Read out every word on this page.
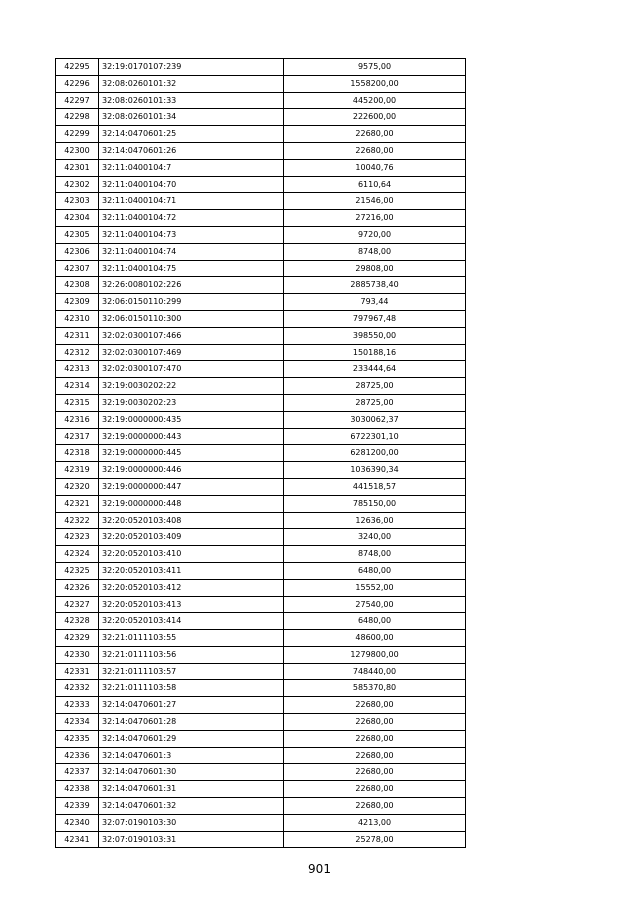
42295	32:19:0170107:239	9575,00
42296	32:08:0260101:32	1558200,00
42297	32:08:0260101:33	445200,00
42298	32:08:0260101:34	222600,00
42299	32:14:0470601:25	22680,00
42300	32:14:0470601:26	22680,00
42301	32:11:0400104:7	10040,76
42302	32:11:0400104:70	6110,64
42303	32:11:0400104:71	21546,00
42304	32:11:0400104:72	27216,00
42305	32:11:0400104:73	9720,00
42306	32:11:0400104:74	8748,00
42307	32:11:0400104:75	29808,00
42308	32:26:0080102:226	2885738,40
42309	32:06:0150110:299	793,44
42310	32:06:0150110:300	797967,48
42311	32:02:0300107:466	398550,00
42312	32:02:0300107:469	150188,16
42313	32:02:0300107:470	233444,64
42314	32:19:0030202:22	28725,00
42315	32:19:0030202:23	28725,00
42316	32:19:0000000:435	3030062,37
42317	32:19:0000000:443	6722301,10
42318	32:19:0000000:445	6281200,00
42319	32:19:0000000:446	1036390,34
42320	32:19:0000000:447	441518,57
42321	32:19:0000000:448	785150,00
42322	32:20:0520103:408	12636,00
42323	32:20:0520103:409	3240,00
42324	32:20:0520103:410	8748,00
42325	32:20:0520103:411	6480,00
42326	32:20:0520103:412	15552,00
42327	32:20:0520103:413	27540,00
42328	32:20:0520103:414	6480,00
42329	32:21:0111103:55	48600,00
42330	32:21:0111103:56	1279800,00
42331	32:21:0111103:57	748440,00
42332	32:21:0111103:58	585370,80
42333	32:14:0470601:27	22680,00
42334	32:14:0470601:28	22680,00
42335	32:14:0470601:29	22680,00
42336	32:14:0470601:3	22680,00
42337	32:14:0470601:30	22680,00
42338	32:14:0470601:31	22680,00
42339	32:14:0470601:32	22680,00
42340	32:07:0190103:30	4213,00
42341	32:07:0190103:31	25278,00
901
